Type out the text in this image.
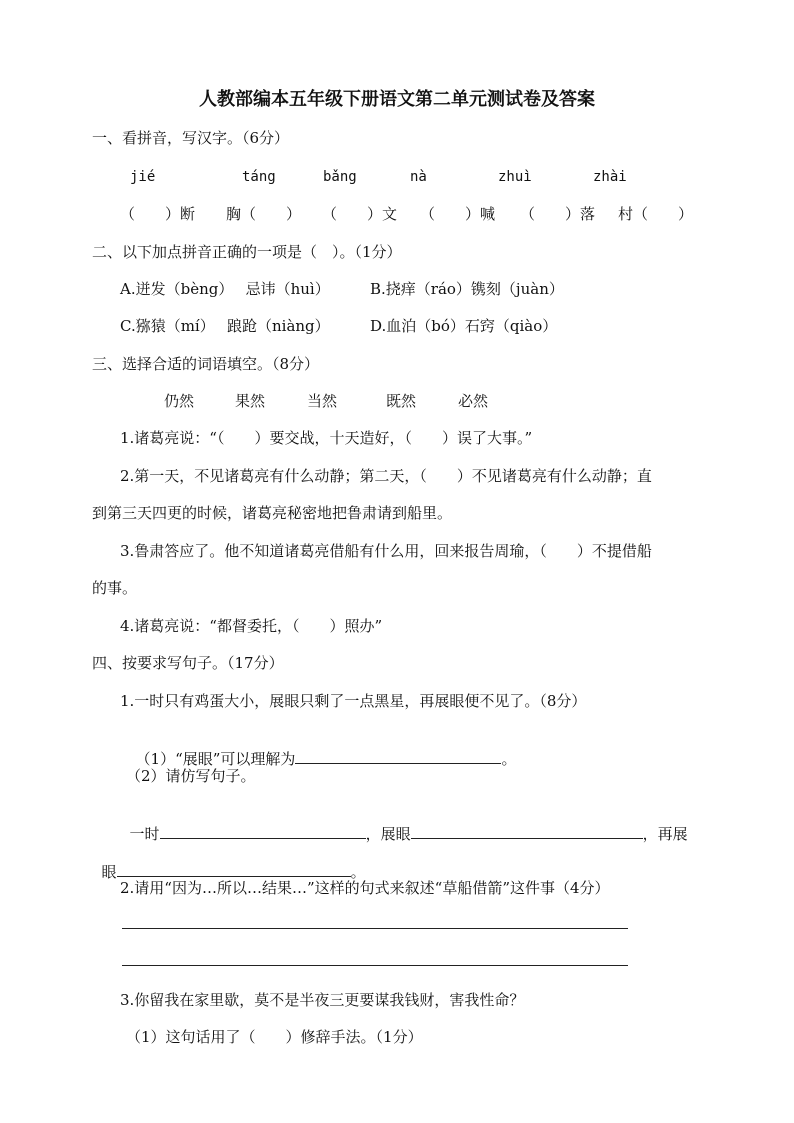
人教部编本五年级下册语文第二单元测试卷及答案
一、看拼音，写汉字。（6分）
jié	táng	bǎng	nà	zhuì	zhài
（　　）断 胸（　　） （　　）文 （　　）喊 （　　）落 村（　　）
二、以下加点拼音正确的一项是（　）。（1分）
A.迸发（bèng）　 忌讳（huì）	B.挠痒（ráo）镌刻（juàn）
C.猕猿（mí）　 踉跄（niàng）	D.血泊（bó）石窍（qiào）
三、选择合适的词语填空。（8分）
仍然	果然	当然	既然	必然
1.诸葛亮说：“（　　）要交战，十天造好，（　　）误了大事。”
2.第一天，不见诸葛亮有什么动静；第二天，（　　）不见诸葛亮有什么动静；直
到第三天四更的时候，诸葛亮秘密地把鲁肃请到船里。
3.鲁肃答应了。他不知道诸葛亮借船有什么用，回来报告周瑜，（　　）不提借船
的事。
4.诸葛亮说：“都督委托，（　　）照办”
四、按要求写句子。（17分）
1.一时只有鸡蛋大小，展眼只剩了一点黑星，再展眼便不见了。（8分）

（1）“展眼”可以理解为	。

（2）请仿写句子。

一时	，展眼	，再展

眼	。

2.请用“因为…所以…结果…”这样的句式来叙述“草船借箭”这件事（4分）
3.你留我在家里歇，莫不是半夜三更要谋我钱财，害我性命？
（1）这句话用了（　　）修辞手法。（1分）
